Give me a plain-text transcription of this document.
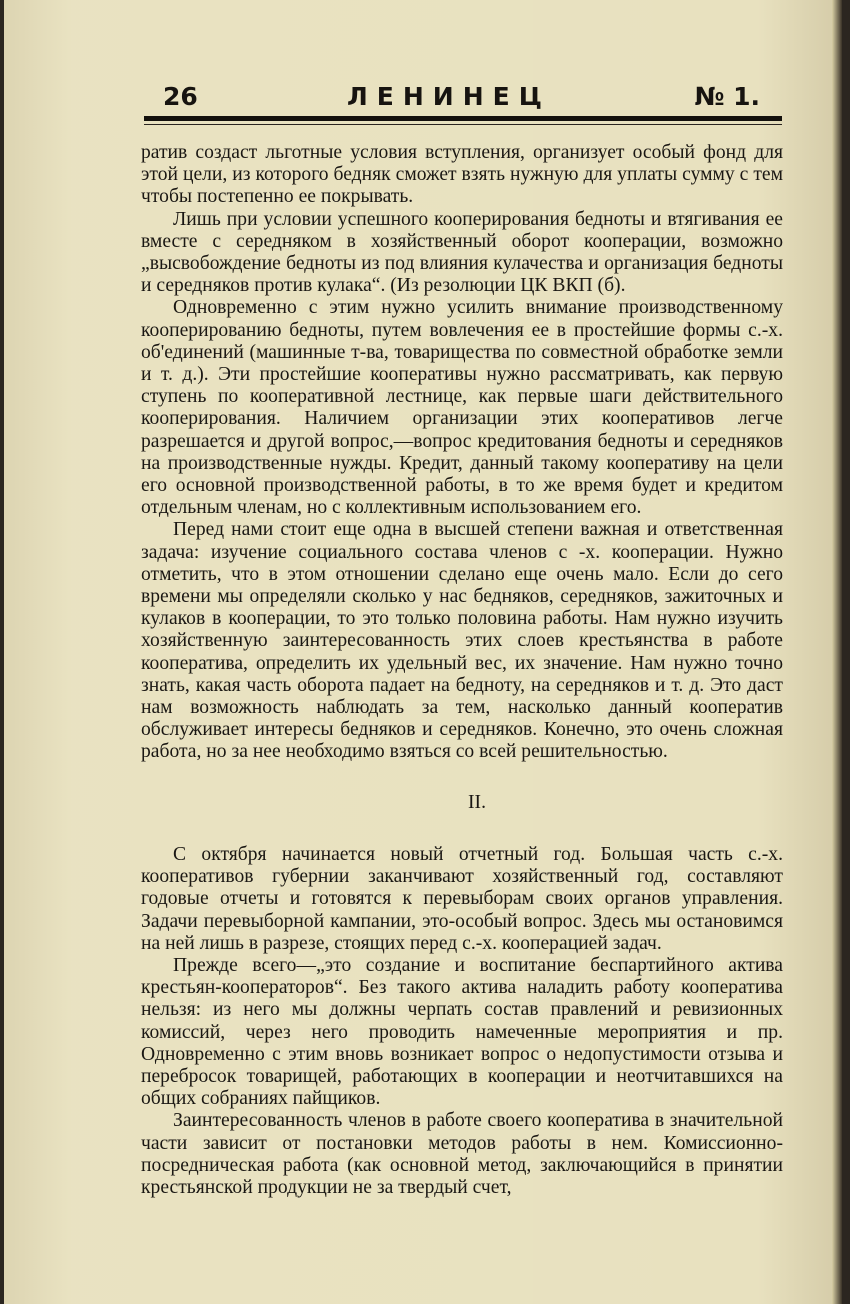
26	ЛЕНИНЕЦ	№ 1.

ратив создаст льготные условия вступления, организует особый фонд для этой цели, из которого бедняк сможет взять нужную для уплаты сумму с тем чтобы постепенно ее покрывать.

Лишь при условии успешного кооперирования бедноты и втягивания ее вместе с середняком в хозяйственный оборот кооперации, возможно „высвобождение бедноты из под влияния кулачества и организация бедноты и середняков против кулака“. (Из резолюции ЦК ВКП (б).

Одновременно с этим нужно усилить внимание производственному кооперированию бедноты, путем вовлечения ее в простейшие формы с.-х. об'единений (машинные т-ва, товарищества по совместной обработке земли и т. д.). Эти простейшие кооперативы нужно рассматривать, как первую ступень по кооперативной лестнице, как первые шаги действительного кооперирования. Наличием организации этих кооперативов легче разрешается и другой вопрос,—вопрос кредитования бедноты и середняков на производственные нужды. Кредит, данный такому кооперативу на цели его основной производственной работы, в то же время будет и кредитом отдельным членам, но с коллективным использованием его.

Перед нами стоит еще одна в высшей степени важная и ответственная задача: изучение социального состава членов с -х. кооперации. Нужно отметить, что в этом отношении сделано еще очень мало. Если до сего времени мы определяли сколько у нас бедняков, середняков, зажиточных и кулаков в кооперации, то это только половина работы. Нам нужно изучить хозяйственную заинтересованность этих слоев крестьянства в работе кооператива, определить их удельный вес, их значение. Нам нужно точно знать, какая часть оборота падает на бедноту, на середняков и т. д. Это даст нам возможность наблюдать за тем, насколько данный кооператив обслуживает интересы бедняков и середняков. Конечно, это очень сложная работа, но за нее необходимо взяться со всей решительностью.

II.

С октября начинается новый отчетный год. Большая часть с.-х. кооперативов губернии заканчивают хозяйственный год, составляют годовые отчеты и готовятся к перевыборам своих органов управления. Задачи перевыборной кампании, это-особый вопрос. Здесь мы остановимся на ней лишь в разрезе, стоящих перед с.-х. кооперацией задач.

Прежде всего—„это создание и воспитание беспартийного актива крестьян-кооператоров“. Без такого актива наладить работу кооператива нельзя: из него мы должны черпать состав правлений и ревизионных комиссий, через него проводить намеченные мероприятия и пр. Одновременно с этим вновь возникает вопрос о недопустимости отзыва и переброcок товарищей, работающих в кооперации и неотчитавшихся на общих собраниях пайщиков.

Заинтересованность членов в работе своего кооператива в значительной части зависит от постановки методов работы в нем. Комиссионно-посредническая работа (как основной метод, заключающийся в принятии крестьянской продукции не за твердый счет,
